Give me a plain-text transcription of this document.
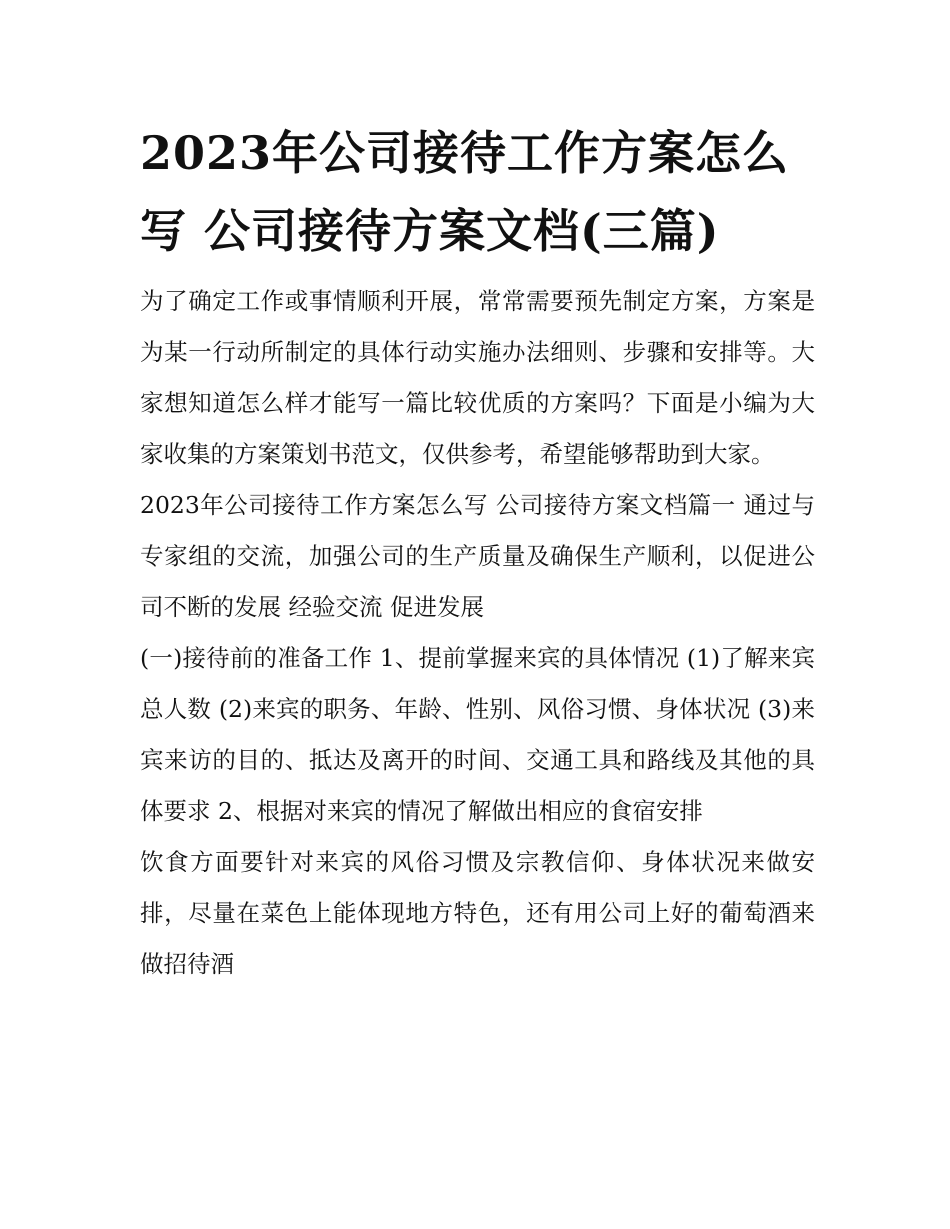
2023年公司接待工作方案怎么写 公司接待方案文档(三篇)

为了确定工作或事情顺利开展，常常需要预先制定方案，方案是为某一行动所制定的具体行动实施办法细则、步骤和安排等。大家想知道怎么样才能写一篇比较优质的方案吗？下面是小编为大家收集的方案策划书范文，仅供参考，希望能够帮助到大家。

2023年公司接待工作方案怎么写 公司接待方案文档篇一 通过与专家组的交流，加强公司的生产质量及确保生产顺利，以促进公司不断的发展 经验交流 促进发展

(一)接待前的准备工作 1、提前掌握来宾的具体情况 (1)了解来宾总人数 (2)来宾的职务、年龄、性别、风俗习惯、身体状况 (3)来宾来访的目的、抵达及离开的时间、交通工具和路线及其他的具体要求 2、根据对来宾的情况了解做出相应的食宿安排

饮食方面要针对来宾的风俗习惯及宗教信仰、身体状况来做安排，尽量在菜色上能体现地方特色，还有用公司上好的葡萄酒来做招待酒
